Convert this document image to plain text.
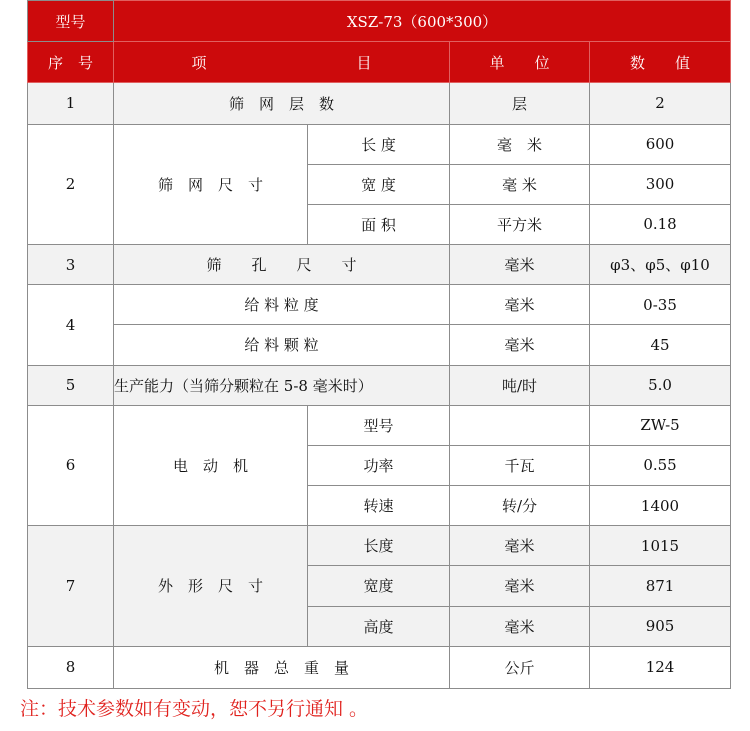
型号	XSZ-73（600*300）			
序　号	项　　　　　　　　　　目		单　　位	数　　值
1	筛　网　层　数		层	2
2	筛　网　尺　寸	长 度	毫　米	600
		宽 度	毫 米	300
		面 积	平方米	0.18
3	筛　　孔　　尺　　寸		毫米	φ3、φ5、φ10
4	给 料 粒 度		毫米	0-35
	给 料 颗 粒		毫米	45
5	生产能力（当筛分颗粒在 5-8 毫米时）		吨/时	5.0
6	电　动　机	型号		ZW-5
		功率	千瓦	0.55
		转速	转/分	1400
7	外　形　尺　寸	长度	毫米	1015
		宽度	毫米	871
		高度	毫米	905
8	机　器　总　重　量		公斤	124
注：技术参数如有变动，恕不另行通知 。
